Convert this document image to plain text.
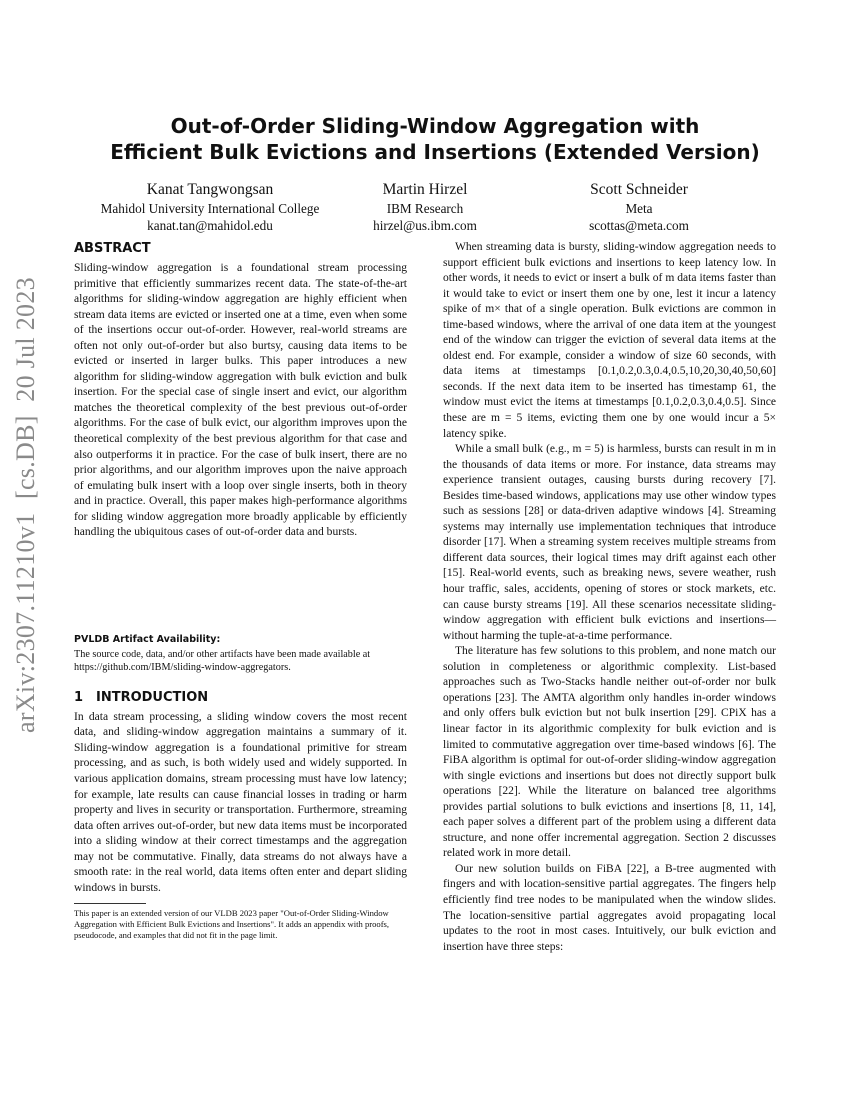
arXiv:2307.11210v1  [cs.DB]  20 Jul 2023
Out-of-Order Sliding-Window Aggregation with
Efficient Bulk Evictions and Insertions (Extended Version)
Kanat Tangwongsan
Mahidol University International College
kanat.tan@mahidol.edu
Martin Hirzel
IBM Research
hirzel@us.ibm.com
Scott Schneider
Meta
scottas@meta.com
ABSTRACT

Sliding-window aggregation is a foundational stream processing primitive that efficiently summarizes recent data. The state-of-the-art algorithms for sliding-window aggregation are highly efficient when stream data items are evicted or inserted one at a time, even when some of the insertions occur out-of-order. However, real-world streams are often not only out-of-order but also burtsy, causing data items to be evicted or inserted in larger bulks. This paper introduces a new algorithm for sliding-window aggregation with bulk eviction and bulk insertion. For the special case of single insert and evict, our algorithm matches the theoretical complexity of the best previous out-of-order algorithms. For the case of bulk evict, our algorithm improves upon the theoretical complexity of the best previous algorithm for that case and also outperforms it in practice. For the case of bulk insert, there are no prior algorithms, and our algorithm improves upon the naive approach of emulating bulk insert with a loop over single inserts, both in theory and in practice. Overall, this paper makes high-performance algorithms for sliding window aggregation more broadly applicable by efficiently handling the ubiquitous cases of out-of-order data and bursts.

PVLDB Artifact Availability:
The source code, data, and/or other artifacts have been made available at https://github.com/IBM/sliding-window-aggregators.
1 INTRODUCTION

In data stream processing, a sliding window covers the most recent data, and sliding-window aggregation maintains a summary of it. Sliding-window aggregation is a foundational primitive for stream processing, and as such, is both widely used and widely supported. In various application domains, stream processing must have low latency; for example, late results can cause financial losses in trading or harm property and lives in security or transportation. Furthermore, streaming data often arrives out-of-order, but new data items must be incorporated into a sliding window at their correct timestamps and the aggregation may not be commutative. Finally, data streams do not always have a smooth rate: in the real world, data items often enter and depart sliding windows in bursts.

This paper is an extended version of our VLDB 2023 paper "Out-of-Order Sliding-Window Aggregation with Efficient Bulk Evictions and Insertions". It adds an appendix with proofs, pseudocode, and examples that did not fit in the page limit.

When streaming data is bursty, sliding-window aggregation needs to support efficient bulk evictions and insertions to keep latency low. In other words, it needs to evict or insert a bulk of m data items faster than it would take to evict or insert them one by one, lest it incur a latency spike of m× that of a single operation. Bulk evictions are common in time-based windows, where the arrival of one data item at the youngest end of the window can trigger the eviction of several data items at the oldest end. For example, consider a window of size 60 seconds, with data items at timestamps [0.1,0.2,0.3,0.4,0.5,10,20,30,40,50,60] seconds. If the next data item to be inserted has timestamp 61, the window must evict the items at timestamps [0.1,0.2,0.3,0.4,0.5]. Since these are m = 5 items, evicting them one by one would incur a 5× latency spike.

While a small bulk (e.g., m = 5) is harmless, bursts can result in m in the thousands of data items or more. For instance, data streams may experience transient outages, causing bursts during recovery [7]. Besides time-based windows, applications may use other window types such as sessions [28] or data-driven adaptive windows [4]. Streaming systems may internally use implementation techniques that introduce disorder [17]. When a streaming system receives multiple streams from different data sources, their logical times may drift against each other [15]. Real-world events, such as breaking news, severe weather, rush hour traffic, sales, accidents, opening of stores or stock markets, etc. can cause bursty streams [19]. All these scenarios necessitate sliding-window aggregation with efficient bulk evictions and insertions—without harming the tuple-at-a-time performance.

The literature has few solutions to this problem, and none match our solution in completeness or algorithmic complexity. List-based approaches such as Two-Stacks handle neither out-of-order nor bulk operations [23]. The AMTA algorithm only handles in-order windows and only offers bulk eviction but not bulk insertion [29]. CPiX has a linear factor in its algorithmic complexity for bulk eviction and is limited to commutative aggregation over time-based windows [6]. The FiBA algorithm is optimal for out-of-order sliding-window aggregation with single evictions and insertions but does not directly support bulk operations [22]. While the literature on balanced tree algorithms provides partial solutions to bulk evictions and insertions [8, 11, 14], each paper solves a different part of the problem using a different data structure, and none offer incremental aggregation. Section 2 discusses related work in more detail.

Our new solution builds on FiBA [22], a B-tree augmented with fingers and with location-sensitive partial aggregates. The fingers help efficiently find tree nodes to be manipulated when the window slides. The location-sensitive partial aggregates avoid propagating local updates to the root in most cases. Intuitively, our bulk eviction and insertion have three steps:
